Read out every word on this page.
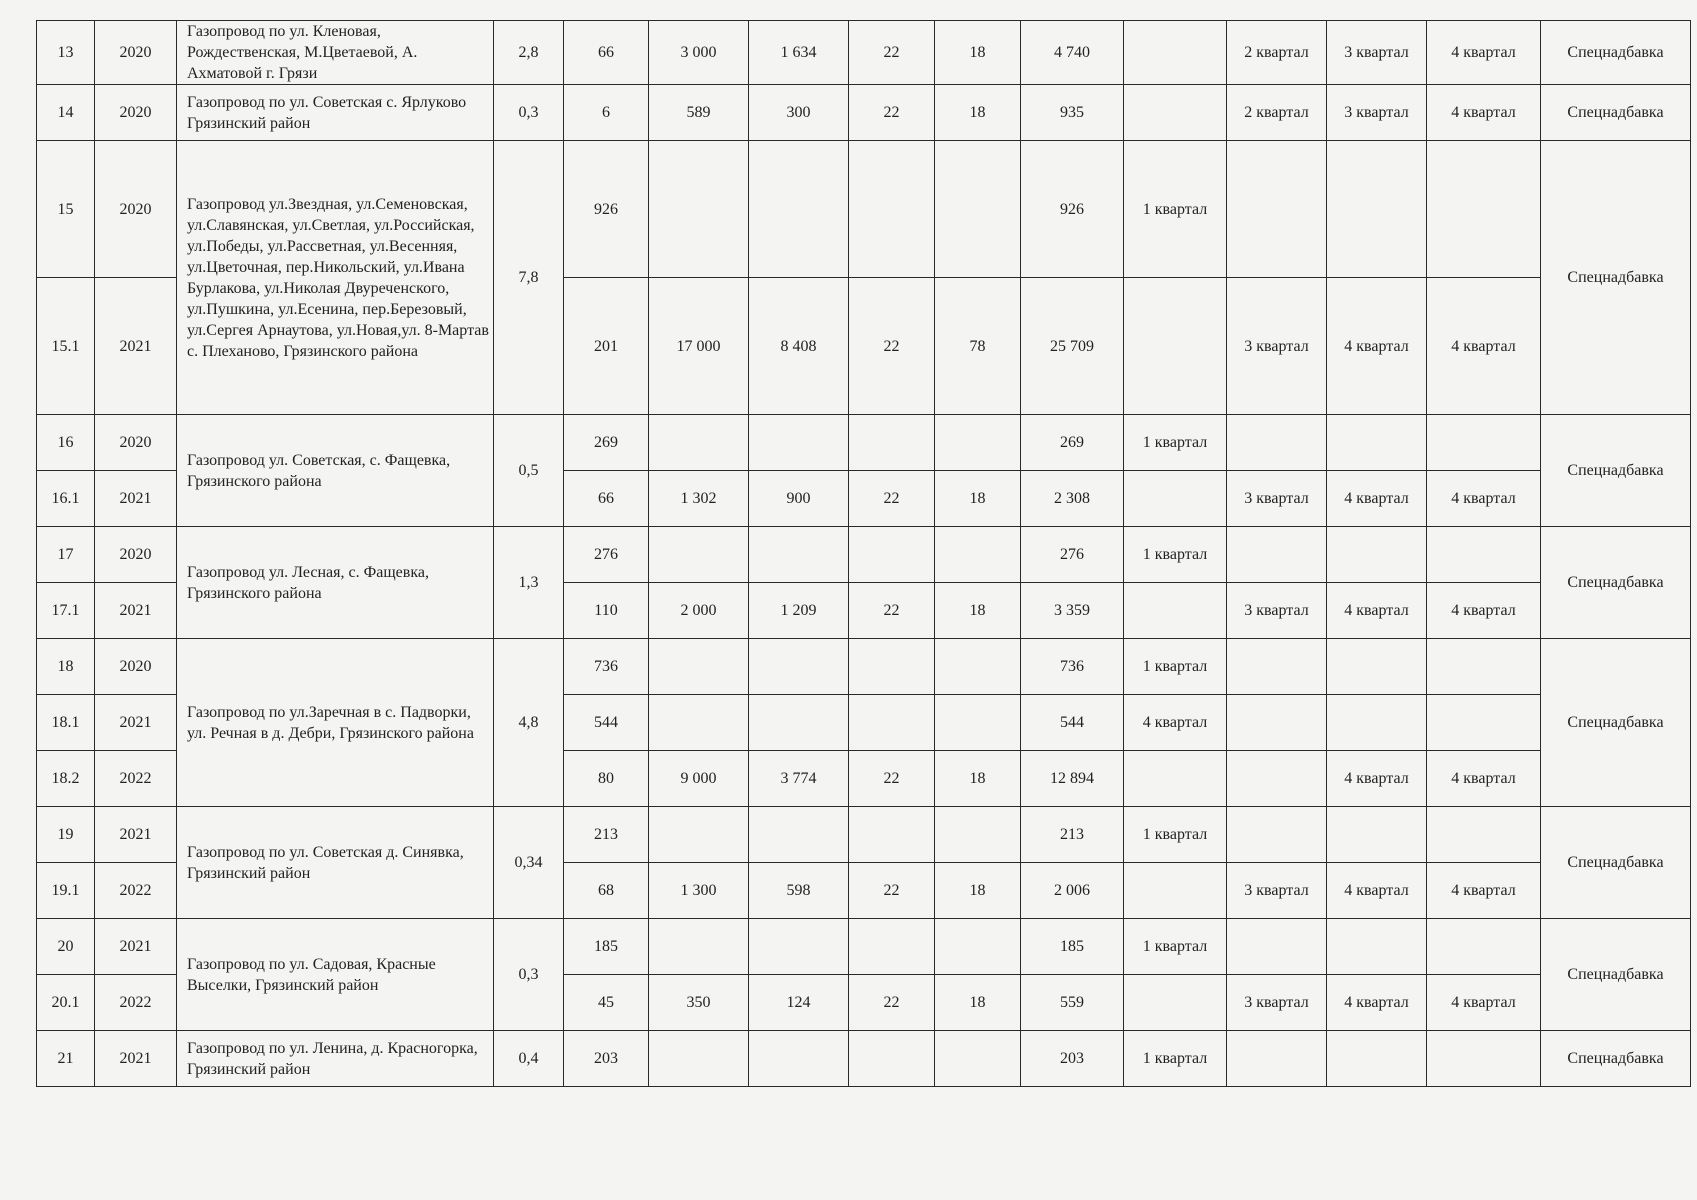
13	2020	Газопровод по ул. Кленовая, Рождественская, М.Цветаевой, А. Ахматовой г. Грязи	2,8	66	3 000	1 634	22	18	4 740		2 квартал	3 квартал	4 квартал	Спецнадбавка
14	2020	Газопровод по ул. Советская с. Ярлуково Грязинский район	0,3	6	589	300	22	18	935		2 квартал	3 квартал	4 квартал	Спецнадбавка
15	2020	Газопровод ул.Звездная, ул.Семеновская, ул.Славянская, ул.Светлая, ул.Российская, ул.Победы, ул.Рассветная, ул.Весенняя, ул.Цветочная, пер.Никольский, ул.Ивана Бурлакова, ул.Николая Двуреченского, ул.Пушкина, ул.Есенина, пер.Березовый, ул.Сергея Арнаутова, ул.Новая,ул. 8-Мартав с. Плеханово, Грязинского района	7,8	926					926	1 квартал				Спецнадбавка
15.1	2021			201	17 000	8 408	22	78	25 709		3 квартал	4 квартал	4 квартал	
16	2020	Газопровод ул. Советская, с. Фащевка, Грязинского района	0,5	269					269	1 квартал				Спецнадбавка
16.1	2021			66	1 302	900	22	18	2 308		3 квартал	4 квартал	4 квартал	
17	2020	Газопровод ул. Лесная, с. Фащевка, Грязинского района	1,3	276					276	1 квартал				Спецнадбавка
17.1	2021			110	2 000	1 209	22	18	3 359		3 квартал	4 квартал	4 квартал	
18	2020	Газопровод по ул.Заречная в с. Падворки, ул. Речная в д. Дебри, Грязинского района	4,8	736					736	1 квартал				Спецнадбавка
18.1	2021			544					544	4 квартал				
18.2	2022			80	9 000	3 774	22	18	12 894			4 квартал	4 квартал	
19	2021	Газопровод по ул. Советская д. Синявка, Грязинский район	0,34	213					213	1 квартал				Спецнадбавка
19.1	2022			68	1 300	598	22	18	2 006		3 квартал	4 квартал	4 квартал	
20	2021	Газопровод по ул. Садовая, Красные Выселки, Грязинский район	0,3	185					185	1 квартал				Спецнадбавка
20.1	2022			45	350	124	22	18	559		3 квартал	4 квартал	4 квартал	
21	2021	Газопровод по ул. Ленина, д. Красногорка, Грязинский район	0,4	203					203	1 квартал				Спецнадбавка
